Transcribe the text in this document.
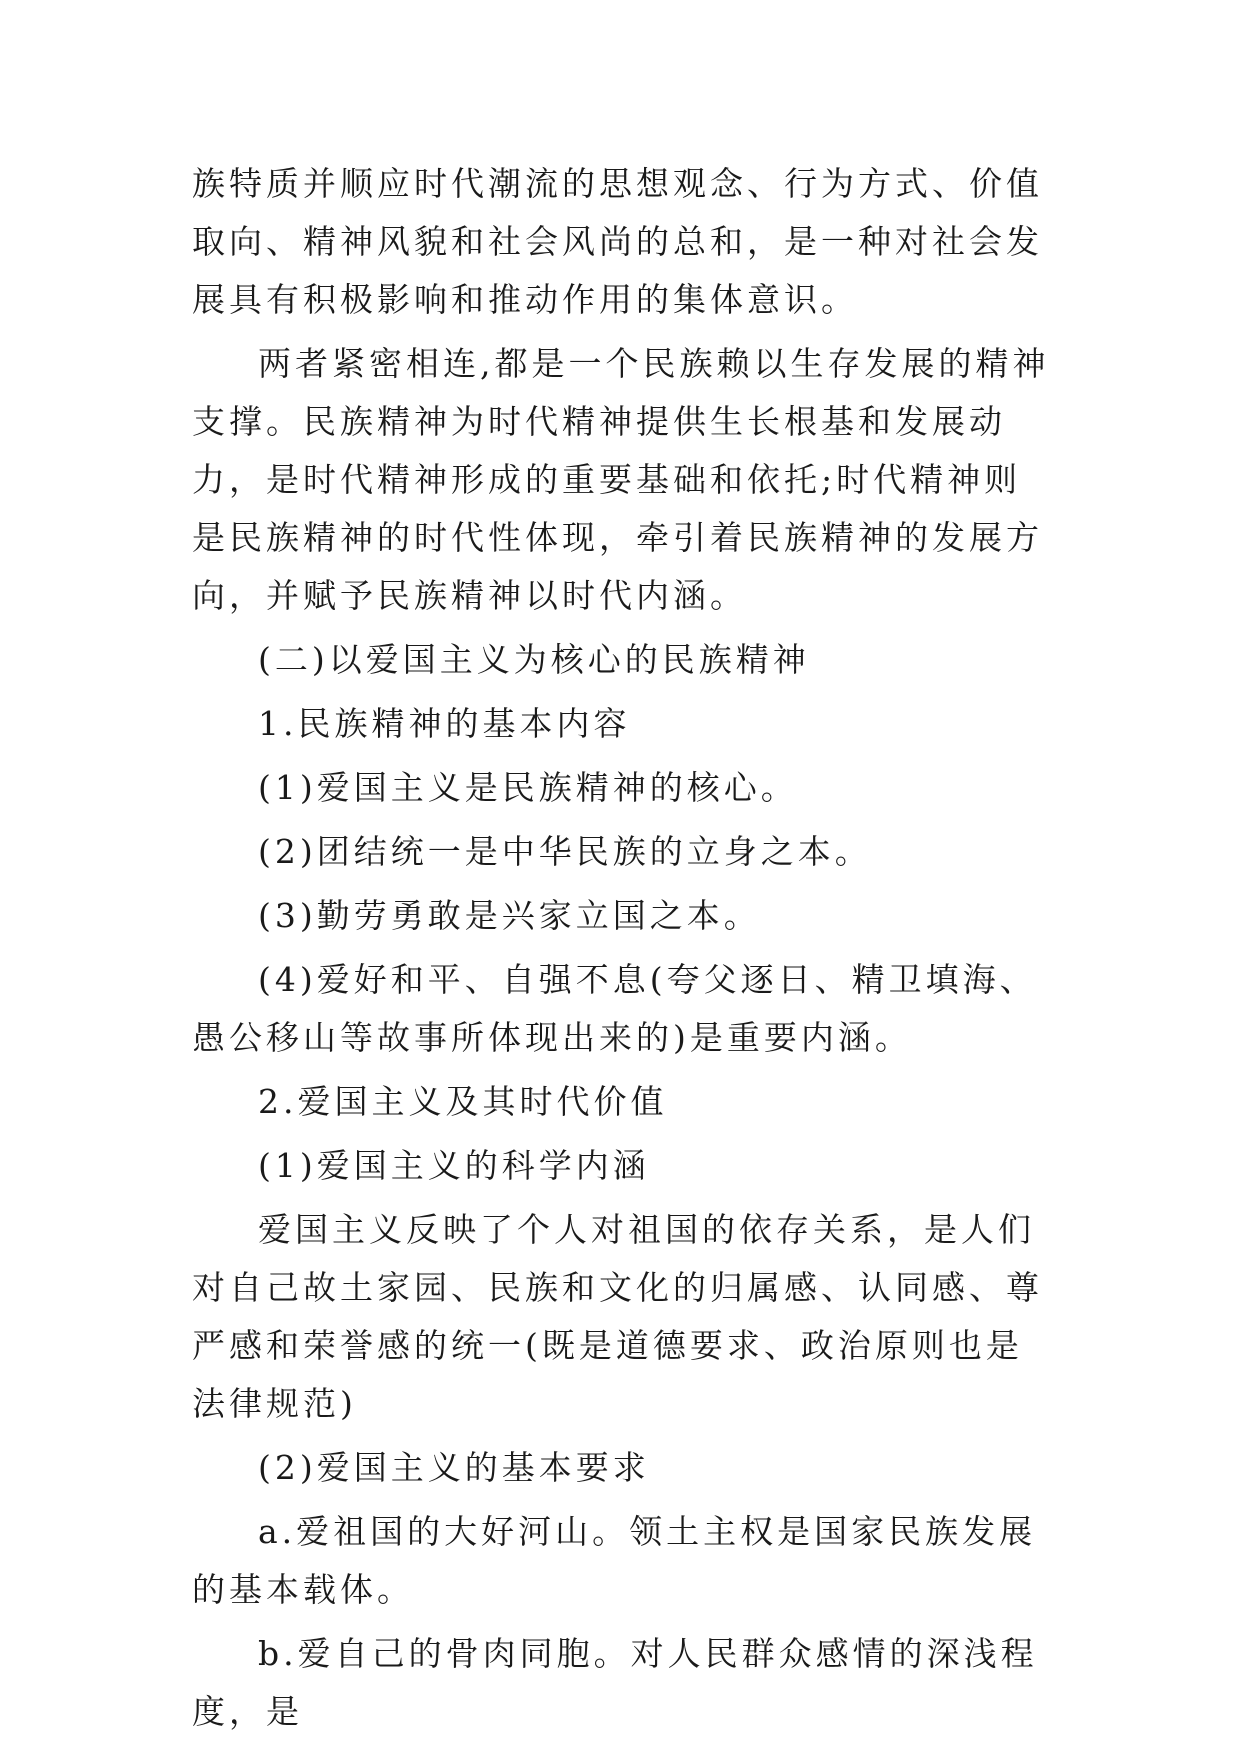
族特质并顺应时代潮流的思想观念、行为方式、价值取向、精神风貌和社会风尚的总和，是一种对社会发展具有积极影响和推动作用的集体意识。

两者紧密相连,都是一个民族赖以生存发展的精神支撑。民族精神为时代精神提供生长根基和发展动力，是时代精神形成的重要基础和依托;时代精神则是民族精神的时代性体现，牵引着民族精神的发展方向，并赋予民族精神以时代内涵。

(二)以爱国主义为核心的民族精神

1.民族精神的基本内容

(1)爱国主义是民族精神的核心。

(2)团结统一是中华民族的立身之本。

(3)勤劳勇敢是兴家立国之本。

(4)爱好和平、自强不息(夸父逐日、精卫填海、愚公移山等故事所体现出来的)是重要内涵。

2.爱国主义及其时代价值

(1)爱国主义的科学内涵

爱国主义反映了个人对祖国的依存关系，是人们对自己故土家园、民族和文化的归属感、认同感、尊严感和荣誉感的统一(既是道德要求、政治原则也是法律规范)

(2)爱国主义的基本要求

a.爱祖国的大好河山。领土主权是国家民族发展的基本载体。

b.爱自己的骨肉同胞。对人民群众感情的深浅程度，是
